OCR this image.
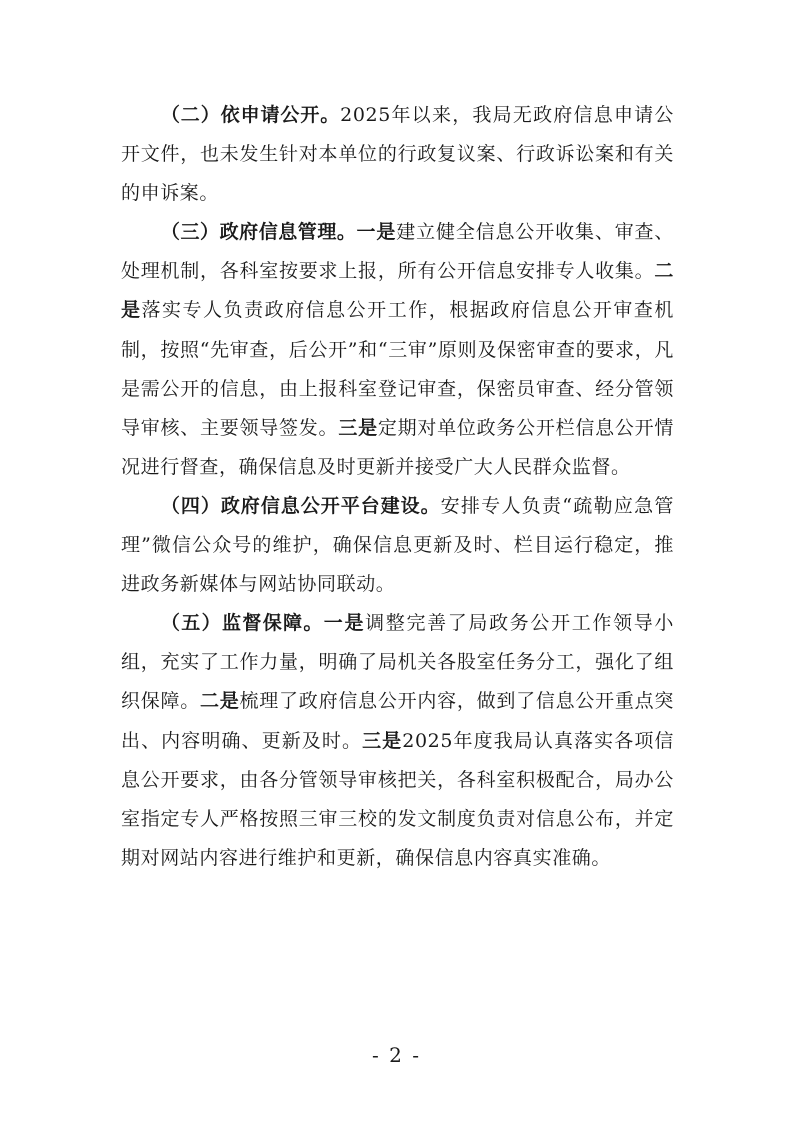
（二）依申请公开。2025年以来，我局无政府信息申请公开文件，也未发生针对本单位的行政复议案、行政诉讼案和有关的申诉案。

（三）政府信息管理。一是建立健全信息公开收集、审查、处理机制，各科室按要求上报，所有公开信息安排专人收集。二是落实专人负责政府信息公开工作，根据政府信息公开审查机制，按照“先审查，后公开”和“三审”原则及保密审查的要求，凡是需公开的信息，由上报科室登记审查，保密员审查、经分管领导审核、主要领导签发。三是定期对单位政务公开栏信息公开情况进行督查，确保信息及时更新并接受广大人民群众监督。

（四）政府信息公开平台建设。安排专人负责“疏勒应急管理”微信公众号的维护，确保信息更新及时、栏目运行稳定，推进政务新媒体与网站协同联动。

（五）监督保障。一是调整完善了局政务公开工作领导小组，充实了工作力量，明确了局机关各股室任务分工，强化了组织保障。二是梳理了政府信息公开内容，做到了信息公开重点突出、内容明确、更新及时。三是2025年度我局认真落实各项信息公开要求，由各分管领导审核把关，各科室积极配合，局办公室指定专人严格按照三审三校的发文制度负责对信息公布，并定期对网站内容进行维护和更新，确保信息内容真实准确。

- 2 -
